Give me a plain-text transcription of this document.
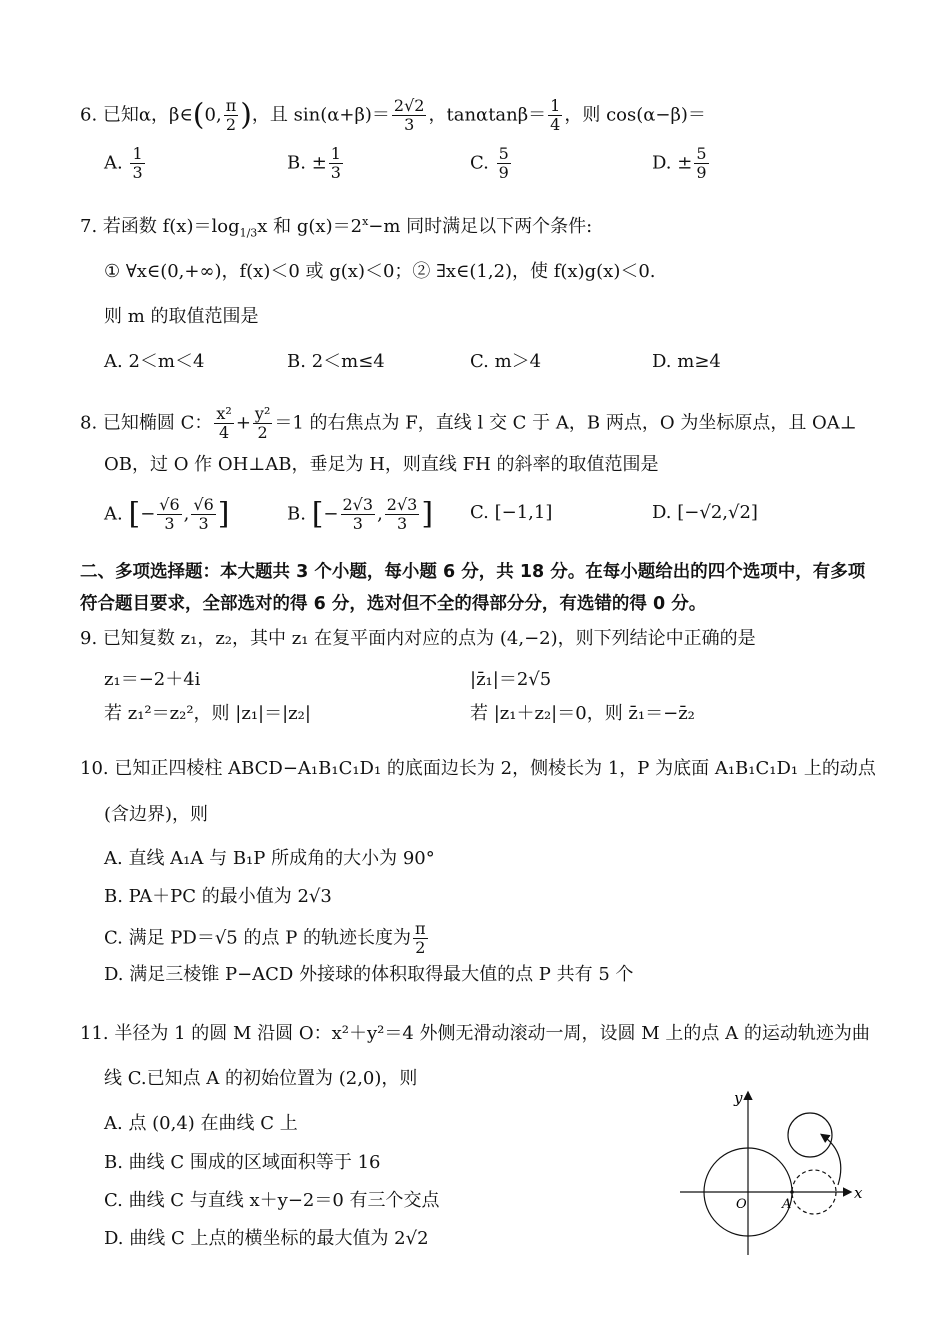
6. 已知α，β∈(0, $\frac{\pi}{2}$ )，且 $\sin(\alpha+\beta)= \frac{2√2}{3}$ ，$\tan\alpha\tan\beta= \frac{1}{4}$ ，则 cos(α−β)＝
A. $\frac{1}{3}$	B. ± $\frac{1}{3}$	C. $\frac{5}{9}$	D. ± $\frac{5}{9}$
7. 若函数 $f(x)=\log_{1/3}x$ 和 $g(x)=2^x-m$ 同时满足以下两个条件:
① ∀x∈(0,+∞)，f(x)＜0 或 g(x)＜0；② ∃x∈(1,2)，使 f(x)g(x)＜0.
则 m 的取值范围是
A. 2＜m＜4	B. 2＜m≤4	C. m＞4	D. m≥4
8. 已知椭圆 C： $\frac{\text{x²}}{4} + \frac{\text{y²}}{2} =1$ 的右焦点为 F，直线 l 交 C 于 A，B 两点，O 为坐标原点，且 OA⊥
OB，过 O 作 OH⊥AB，垂足为 H，则直线 FH 的斜率的取值范围是
A. [− $\frac{√6}{3}$ , $\frac{√6}{3}$ ]	B. [− $\frac{2√3}{3}$ , $\frac{2√3}{3}$ ] C. [−1,1]	D. [−√2,√2]
二、多项选择题：本大题共 3 个小题，每小题 6 分，共 18 分。在每小题给出的四个选项中，有多项
符合题目要求，全部选对的得 6 分，选对但不全的得部分分，有选错的得 0 分。
9. 已知复数 z₁，z₂，其中 z₁ 在复平面内对应的点为 (4,−2)，则下列结论中正确的是
z₁＝−2＋4i	|z̄₁|＝2√5
若 z₁²＝z₂²，则 |z₁|＝|z₂|	若 |z₁＋z₂|＝0，则 z̄₁＝−z̄₂
10. 已知正四棱柱 ABCD−A₁B₁C₁D₁ 的底面边长为 2，侧棱长为 1，P 为底面 A₁B₁C₁D₁ 上的动点
(含边界)，则
A. 直线 A₁A 与 B₁P 所成角的大小为 90°
B. PA＋PC 的最小值为 2√3
C. 满足 PD＝√5 的点 P 的轨迹长度为 $\frac{\pi}{2}$
D. 满足三棱锥 P−ACD 外接球的体积取得最大值的点 P 共有 5 个
11. 半径为 1 的圆 M 沿圆 O：x²＋y²＝4 外侧无滑动滚动一周，设圆 M 上的点 A 的运动轨迹为曲
线 C.已知点 A 的初始位置为 (2,0)，则
A. 点 (0,4) 在曲线 C 上
B. 曲线 C 围成的区域面积等于 16
C. 曲线 C 与直线 x＋y−2＝0 有三个交点
D. 曲线 C 上点的横坐标的最大值为 2√2
y
x
O	A
